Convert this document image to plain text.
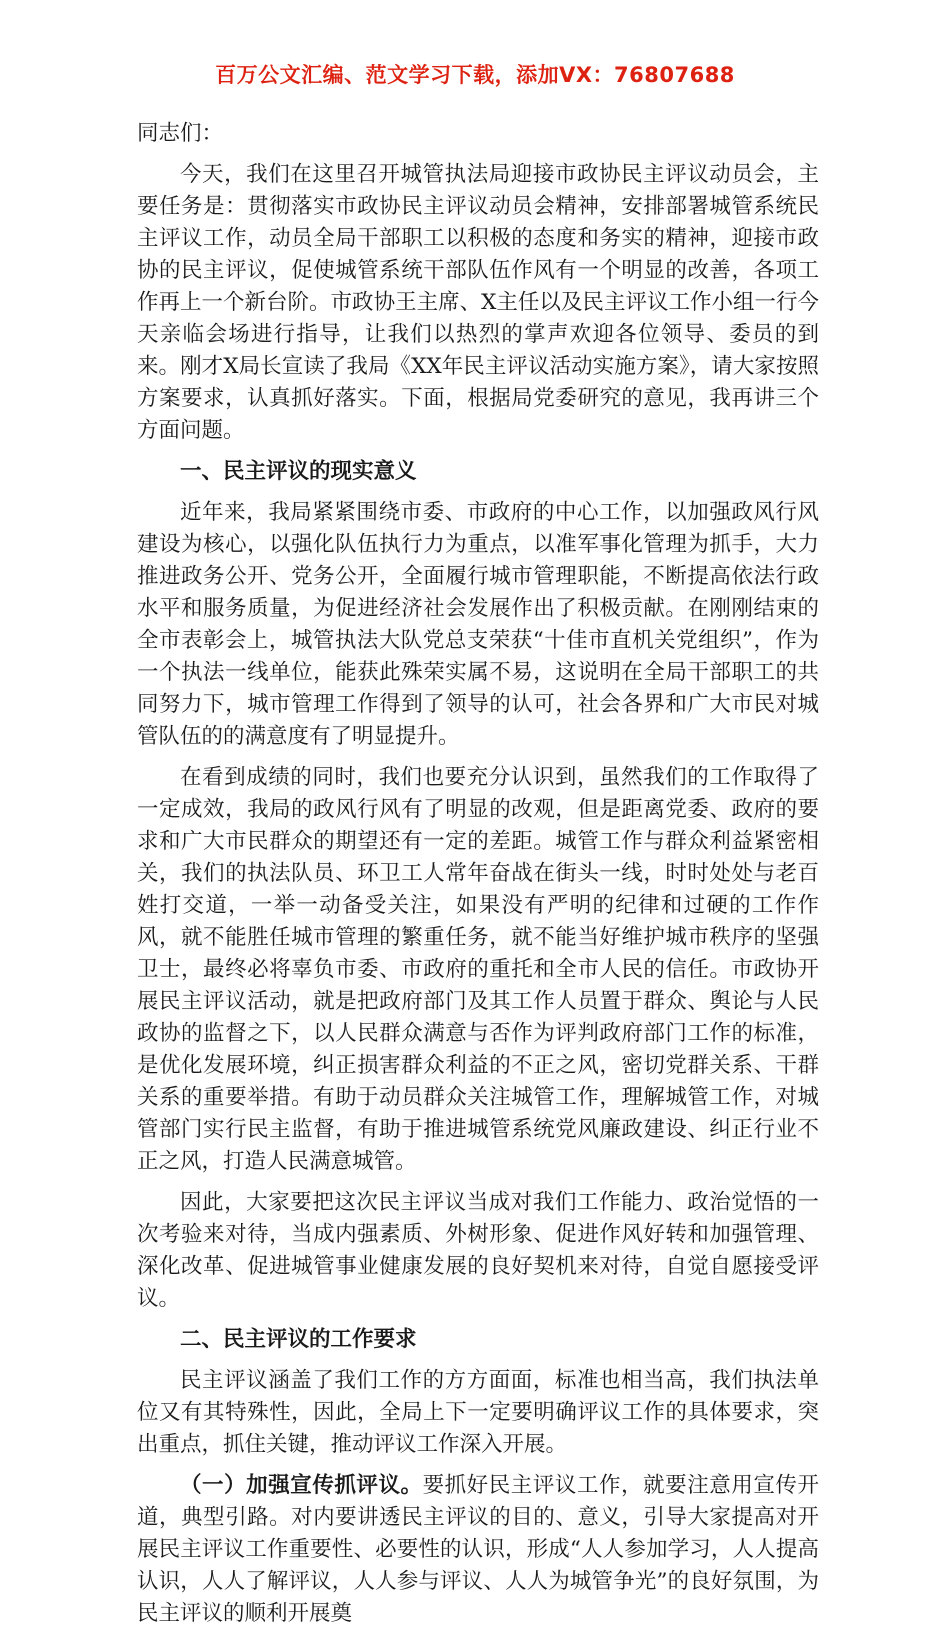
百万公文汇编、范文学习下载，添加VX：76807688

同志们：

今天，我们在这里召开城管执法局迎接市政协民主评议动员会，主要任务是：贯彻落实市政协民主评议动员会精神，安排部署城管系统民主评议工作，动员全局干部职工以积极的态度和务实的精神，迎接市政协的民主评议，促使城管系统干部队伍作风有一个明显的改善，各项工作再上一个新台阶。市政协王主席、X主任以及民主评议工作小组一行今天亲临会场进行指导，让我们以热烈的掌声欢迎各位领导、委员的到来。刚才X局长宣读了我局《XX年民主评议活动实施方案》，请大家按照方案要求，认真抓好落实。下面，根据局党委研究的意见，我再讲三个方面问题。

一、民主评议的现实意义

近年来，我局紧紧围绕市委、市政府的中心工作，以加强政风行风建设为核心，以强化队伍执行力为重点，以准军事化管理为抓手，大力推进政务公开、党务公开，全面履行城市管理职能，不断提高依法行政水平和服务质量，为促进经济社会发展作出了积极贡献。在刚刚结束的全市表彰会上，城管执法大队党总支荣获“十佳市直机关党组织”，作为一个执法一线单位，能获此殊荣实属不易，这说明在全局干部职工的共同努力下，城市管理工作得到了领导的认可，社会各界和广大市民对城管队伍的的满意度有了明显提升。

在看到成绩的同时，我们也要充分认识到，虽然我们的工作取得了一定成效，我局的政风行风有了明显的改观，但是距离党委、政府的要求和广大市民群众的期望还有一定的差距。城管工作与群众利益紧密相关，我们的执法队员、环卫工人常年奋战在街头一线，时时处处与老百姓打交道，一举一动备受关注，如果没有严明的纪律和过硬的工作作风，就不能胜任城市管理的繁重任务，就不能当好维护城市秩序的坚强卫士，最终必将辜负市委、市政府的重托和全市人民的信任。市政协开展民主评议活动，就是把政府部门及其工作人员置于群众、舆论与人民政协的监督之下，以人民群众满意与否作为评判政府部门工作的标准，是优化发展环境，纠正损害群众利益的不正之风，密切党群关系、干群关系的重要举措。有助于动员群众关注城管工作，理解城管工作，对城管部门实行民主监督，有助于推进城管系统党风廉政建设、纠正行业不正之风，打造人民满意城管。

因此，大家要把这次民主评议当成对我们工作能力、政治觉悟的一次考验来对待，当成内强素质、外树形象、促进作风好转和加强管理、深化改革、促进城管事业健康发展的良好契机来对待，自觉自愿接受评议。

二、民主评议的工作要求

民主评议涵盖了我们工作的方方面面，标准也相当高，我们执法单位又有其特殊性，因此，全局上下一定要明确评议工作的具体要求，突出重点，抓住关键，推动评议工作深入开展。

（一）加强宣传抓评议。要抓好民主评议工作，就要注意用宣传开道，典型引路。对内要讲透民主评议的目的、意义，引导大家提高对开展民主评议工作重要性、必要性的认识，形成“人人参加学习，人人提高认识，人人了解评议，人人参与评议、人人为城管争光”的良好氛围，为民主评议的顺利开展奠
